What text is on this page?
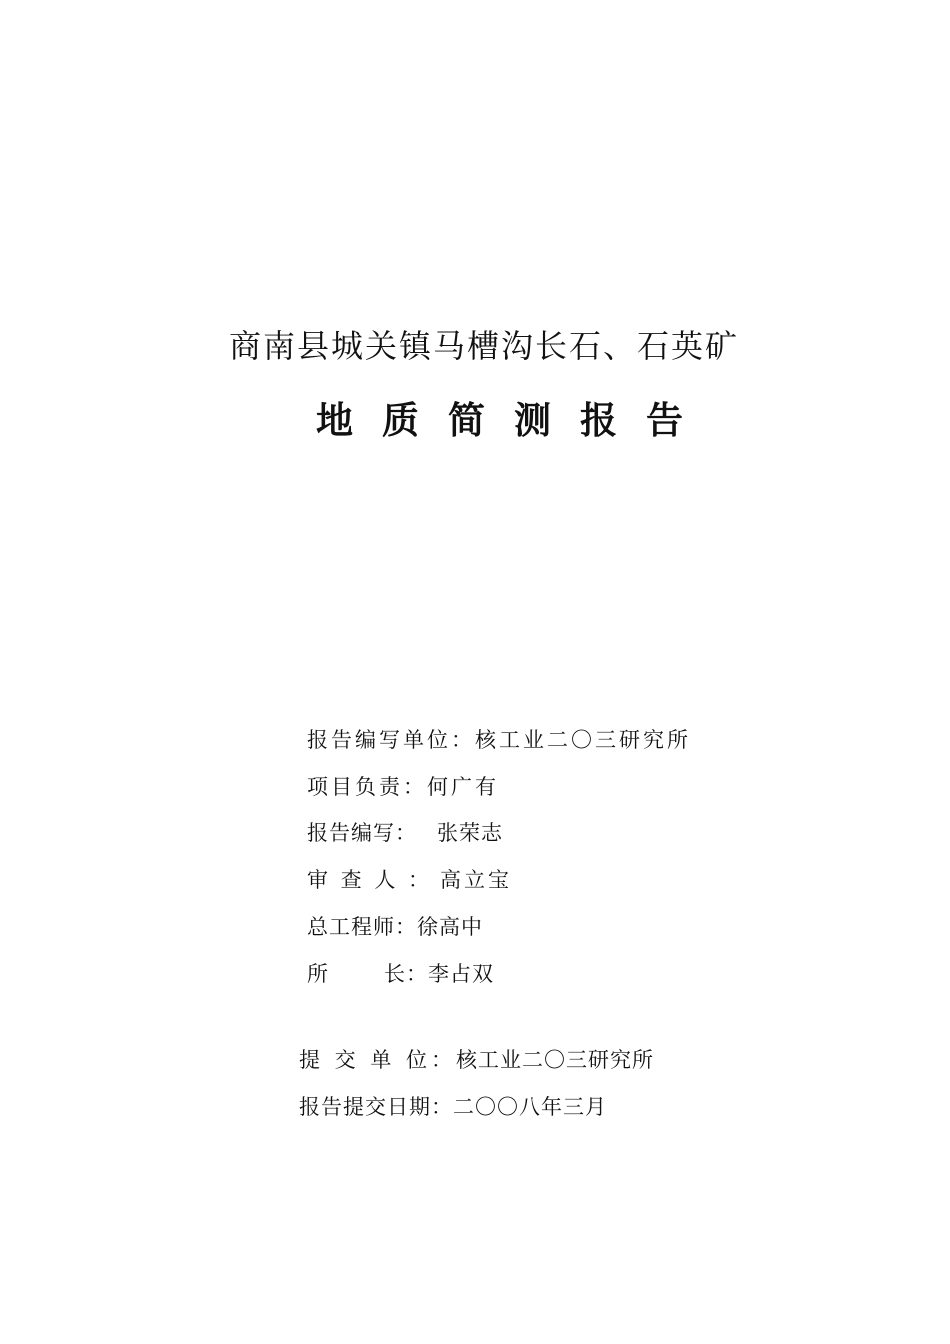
商南县城关镇马槽沟长石、石英矿
地质简测报告
报告编写单位：核工业二〇三研究所
项目负责：何广有
报告编写： 张荣志
审 查 人 ： 高立宝
总工程师：徐高中
所	长：李占双
提 交 单 位：核工业二〇三研究所
报告提交日期：二〇〇八年三月
